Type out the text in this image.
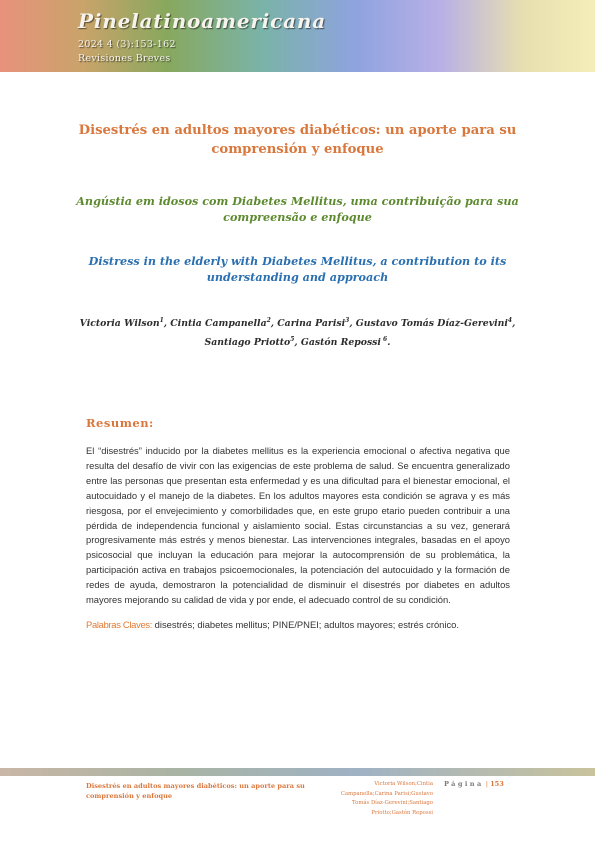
Pinelatinoamericana
2024 4 (3):153-162
Revisiones Breves
Disestrés en adultos mayores diabéticos: un aporte para su comprensión y enfoque
Angústia em idosos com Diabetes Mellitus, uma contribuição para sua compreensão e enfoque
Distress in the elderly with Diabetes Mellitus, a contribution to its understanding and approach

Victoria Wilson$^1$, Cintia Campanella$^2$, Carina Parisi$^3$, Gustavo Tomás Díaz-Gerevini$^4$, Santiago Priotto$^5$, Gastón Repossi $^6$.

Resumen:

El “disestrés” inducido por la diabetes mellitus es la experiencia emocional o afectiva negativa que resulta del desafío de vivir con las exigencias de este problema de salud. Se encuentra generalizado entre las personas que presentan esta enfermedad y es una dificultad para el bienestar emocional, el autocuidado y el manejo de la diabetes. En los adultos mayores esta condición se agrava y es más riesgosa, por el envejecimiento y comorbilidades que, en este grupo etario pueden contribuir a una pérdida de independencia funcional y aislamiento social. Estas circunstancias a su vez, generará progresivamente más estrés y menos bienestar. Las intervenciones integrales, basadas en el apoyo psicosocial que incluyan la educación para mejorar la autocomprensión de su problemática, la participación activa en trabajos psicoemocionales, la potenciación del autocuidado y la formación de redes de ayuda, demostraron la potencialidad de disminuir el disestrés por diabetes en adultos mayores mejorando su calidad de vida y por ende, el adecuado control de su condición.

Palabras Claves: disestrés; diabetes mellitus; PINE/PNEI; adultos mayores; estrés crónico.

Disestrés en adultos mayores diabéticos: un aporte para su comprensión y enfoque

Victoria Wilson;Cintia Campanella;Carina Parisi;Gustavo Tomás Díaz-Gerevini;Santiago Priotto;Gastón Repossi

Página | 153
